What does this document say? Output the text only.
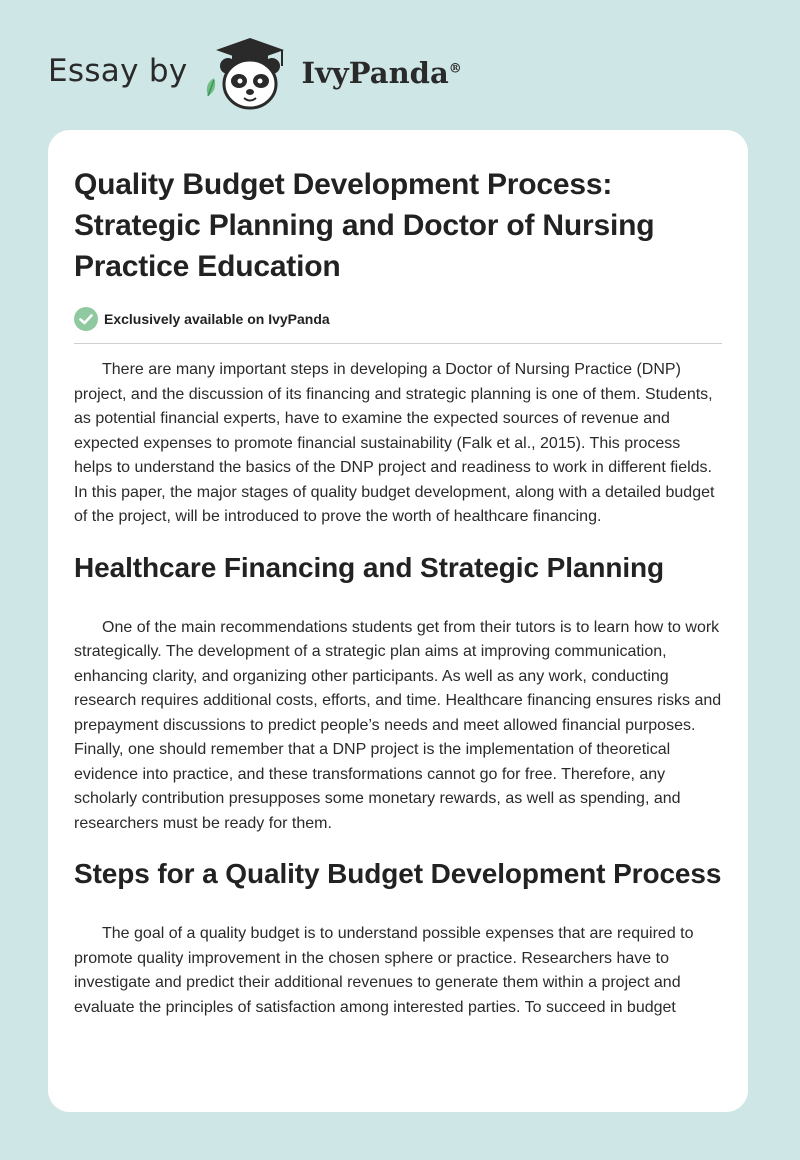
Essay by	IvyPanda®
Quality Budget Development Process: Strategic Planning and Doctor of Nursing Practice Education
Exclusively available on IvyPanda

There are many important steps in developing a Doctor of Nursing Practice (DNP) project, and the discussion of its financing and strategic planning is one of them. Students, as potential financial experts, have to examine the expected sources of revenue and expected expenses to promote financial sustainability (Falk et al., 2015). This process helps to understand the basics of the DNP project and readiness to work in different fields. In this paper, the major stages of quality budget development, along with a detailed budget of the project, will be introduced to prove the worth of healthcare financing.

Healthcare Financing and Strategic Planning

One of the main recommendations students get from their tutors is to learn how to work strategically. The development of a strategic plan aims at improving communication, enhancing clarity, and organizing other participants. As well as any work, conducting research requires additional costs, efforts, and time. Healthcare financing ensures risks and prepayment discussions to predict people’s needs and meet allowed financial purposes. Finally, one should remember that a DNP project is the implementation of theoretical evidence into practice, and these transformations cannot go for free. Therefore, any scholarly contribution presupposes some monetary rewards, as well as spending, and researchers must be ready for them.

Steps for a Quality Budget Development Process

The goal of a quality budget is to understand possible expenses that are required to promote quality improvement in the chosen sphere or practice. Researchers have to investigate and predict their additional revenues to generate them within a project and evaluate the principles of satisfaction among interested parties. To succeed in budget
